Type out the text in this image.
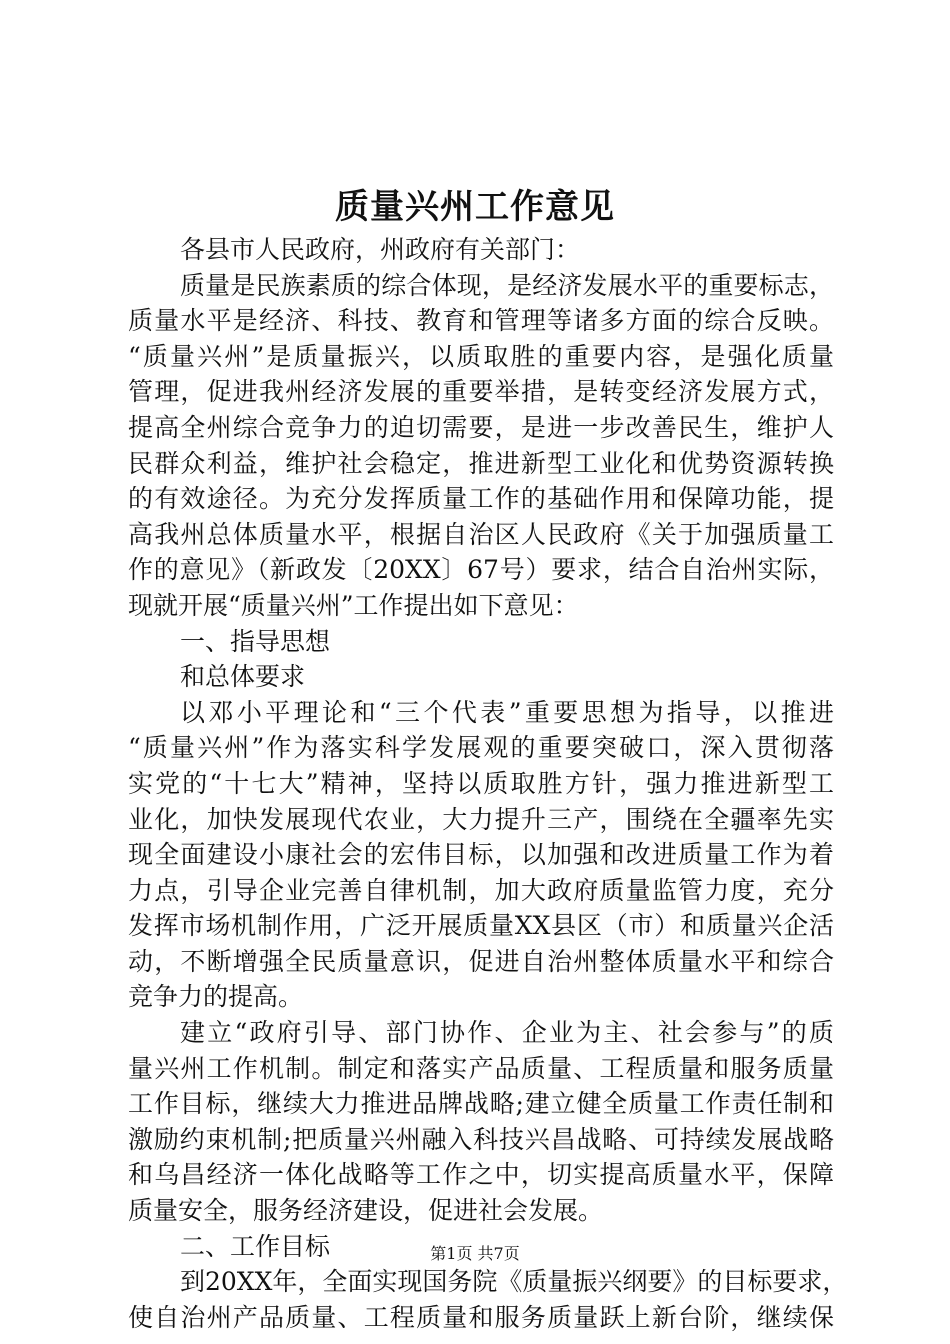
质量兴州工作意见
各县市人民政府，州政府有关部门：
质量是民族素质的综合体现，是经济发展水平的重要标志，
质量水平是经济、科技、教育和管理等诸多方面的综合反映。
“质量兴州”是质量振兴，以质取胜的重要内容，是强化质量
管理，促进我州经济发展的重要举措，是转变经济发展方式，
提高全州综合竞争力的迫切需要，是进一步改善民生，维护人
民群众利益，维护社会稳定，推进新型工业化和优势资源转换
的有效途径。为充分发挥质量工作的基础作用和保障功能，提
高我州总体质量水平，根据自治区人民政府《关于加强质量工
作的意见》（新政发〔20XX〕67号）要求，结合自治州实际，
现就开展“质量兴州”工作提出如下意见：
一、指导思想
和总体要求
以邓小平理论和“三个代表”重要思想为指导，以推进
“质量兴州”作为落实科学发展观的重要突破口，深入贯彻落
实党的“十七大”精神，坚持以质取胜方针，强力推进新型工
业化，加快发展现代农业，大力提升三产，围绕在全疆率先实
现全面建设小康社会的宏伟目标，以加强和改进质量工作为着
力点，引导企业完善自律机制，加大政府质量监管力度，充分
发挥市场机制作用，广泛开展质量XX县区（市）和质量兴企活
动，不断增强全民质量意识，促进自治州整体质量水平和综合
竞争力的提高。
建立“政府引导、部门协作、企业为主、社会参与”的质
量兴州工作机制。制定和落实产品质量、工程质量和服务质量
工作目标，继续大力推进品牌战略;建立健全质量工作责任制和
激励约束机制;把质量兴州融入科技兴昌战略、可持续发展战略
和乌昌经济一体化战略等工作之中，切实提高质量水平，保障
质量安全，服务经济建设，促进社会发展。
二、工作目标
到20XX年，全面实现国务院《质量振兴纲要》的目标要求，
使自治州产品质量、工程质量和服务质量跃上新台阶，继续保
第1页 共7页
